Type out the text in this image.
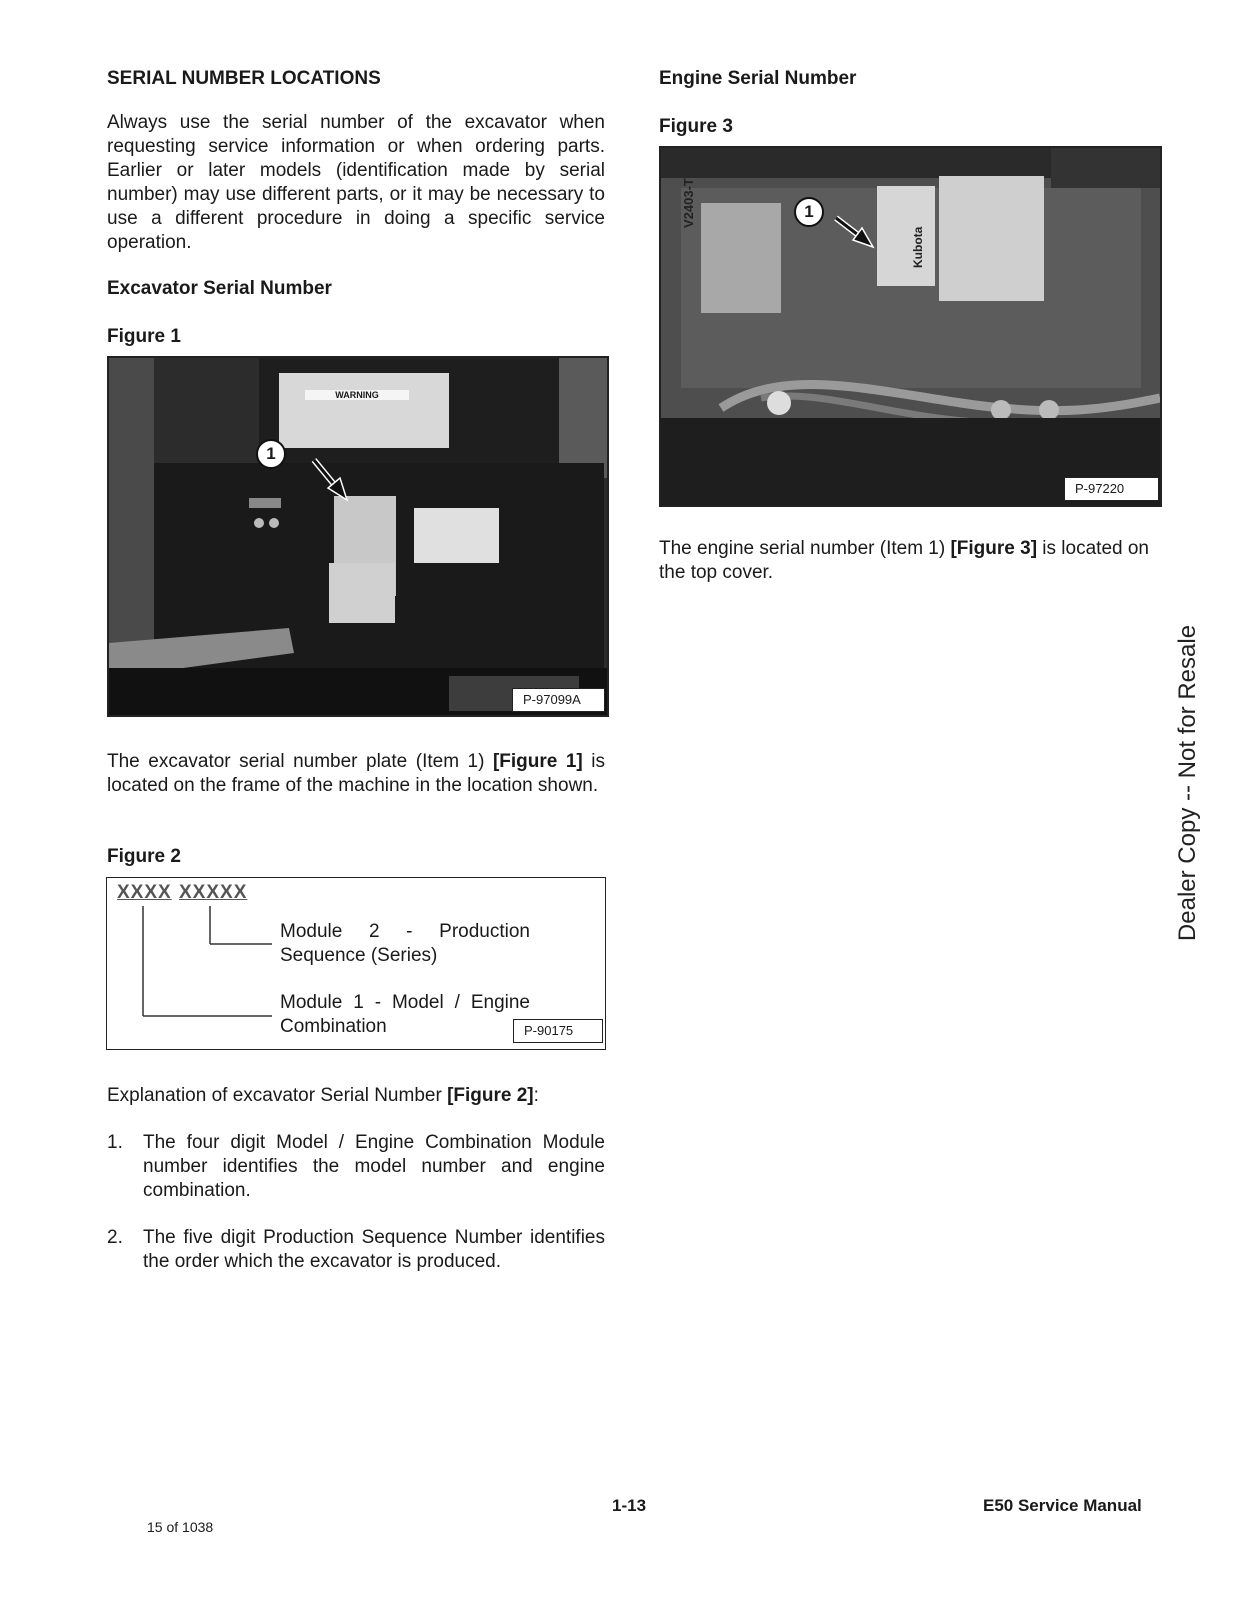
SERIAL NUMBER LOCATIONS

Always use the serial number of the excavator when requesting service information or when ordering parts. Earlier or later models (identification made by serial number) may use different parts, or it may be necessary to use a different procedure in doing a specific service operation.

Excavator Serial Number
Figure 1
WARNING
1
P-97099A

The excavator serial number plate (Item 1) [Figure 1] is located on the frame of the machine in the location shown.

Figure 2
XXXX XXXXX
Module 2 - Production Sequence (Series)
Module 1 - Model / Engine Combination	P-90175

Explanation of excavator Serial Number [Figure 2]:

1. The four digit Model / Engine Combination Module number identifies the model number and engine combination.

2. The five digit Production Sequence Number identifies the order which the excavator is produced.

Engine Serial Number
Figure 3
V2403-T
Kubota
1
P-97220

The engine serial number (Item 1) [Figure 3] is located on the top cover.

Dealer Copy -- Not for Resale
1-13	E50 Service Manual
15 of 1038
